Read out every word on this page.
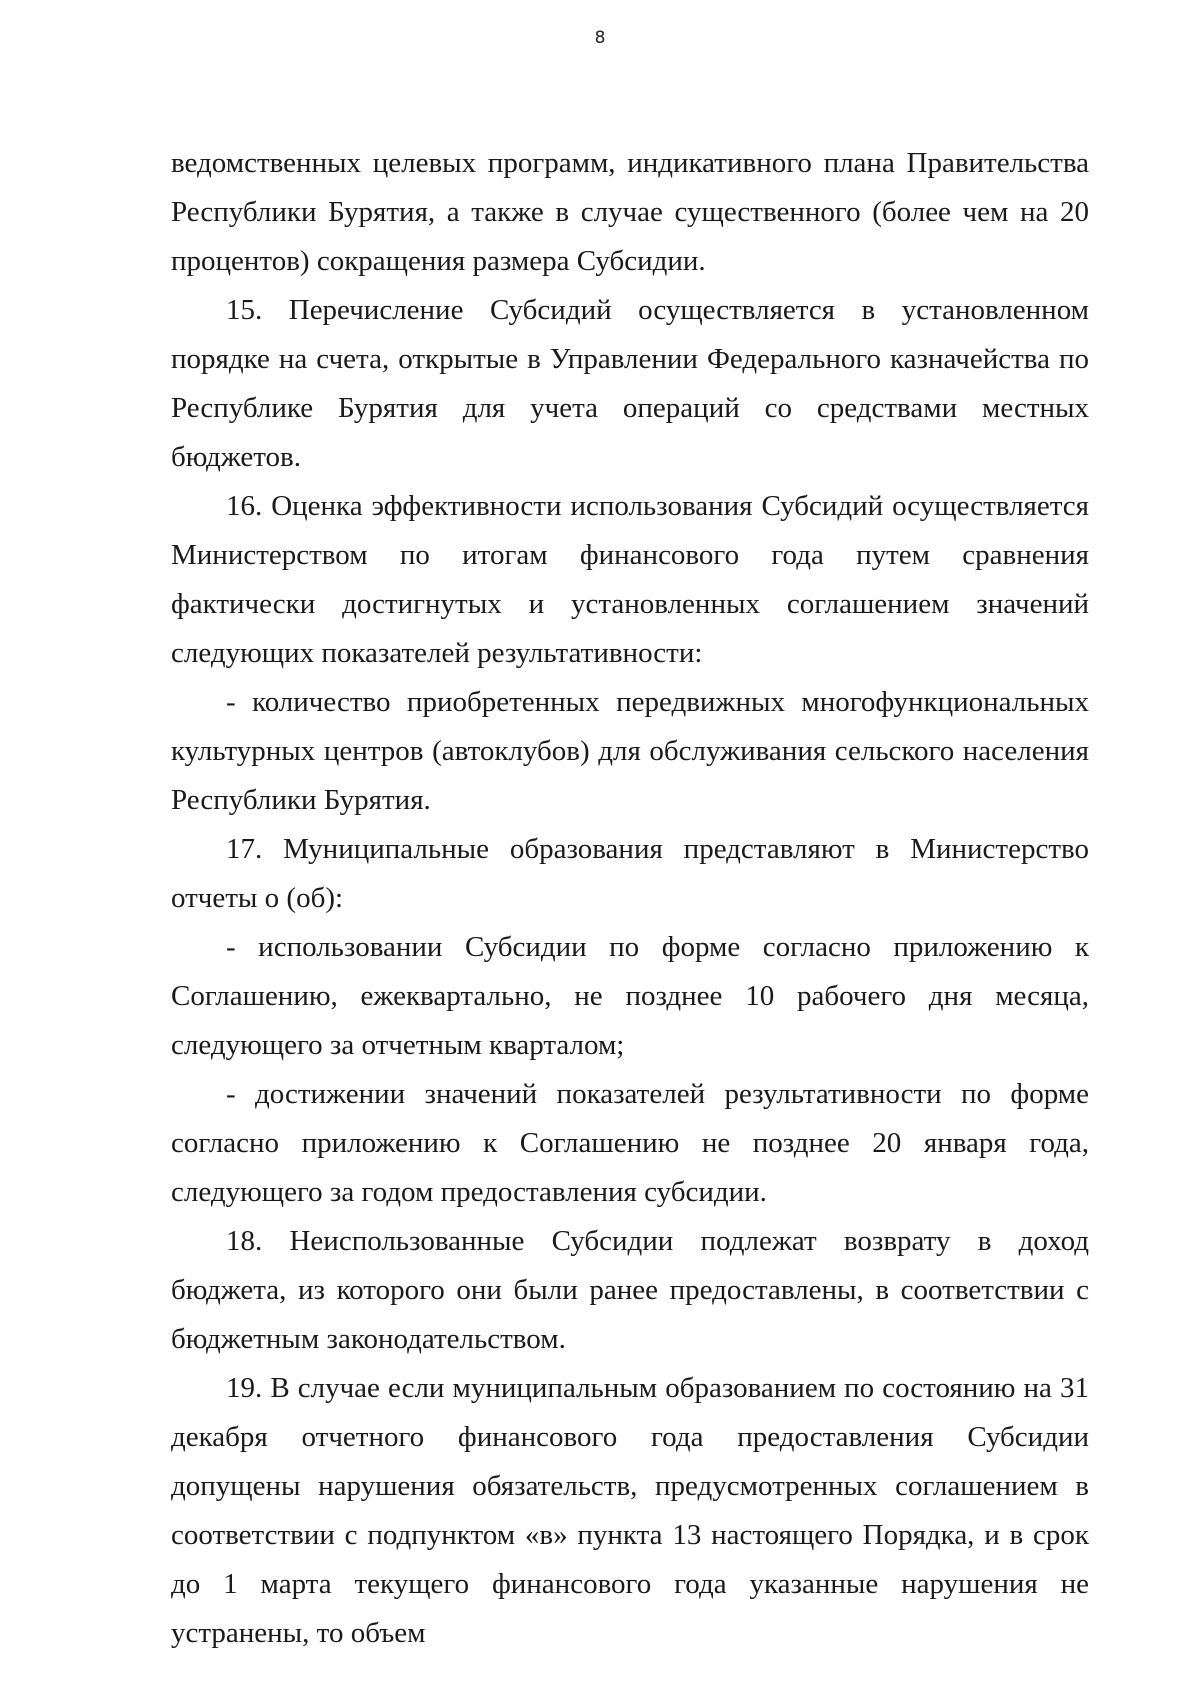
8

ведомственных целевых программ, индикативного плана Правительства Республики Бурятия, а также в случае существенного (более чем на 20 процентов) сокращения размера Субсидии.

15. Перечисление Субсидий осуществляется в установленном порядке на счета, открытые в Управлении Федерального казначейства по Республике Бурятия для учета операций со средствами местных бюджетов.

16. Оценка эффективности использования Субсидий осуществляется Министерством по итогам финансового года путем сравнения фактически достигнутых и установленных соглашением значений следующих показателей результативности:

- количество приобретенных передвижных многофункциональных культурных центров (автоклубов) для обслуживания сельского населения Республики Бурятия.

17. Муниципальные образования представляют в Министерство отчеты о (об):

- использовании Субсидии по форме согласно приложению к Соглашению, ежеквартально, не позднее 10 рабочего дня месяца, следующего за отчетным кварталом;

- достижении значений показателей результативности по форме согласно приложению к Соглашению не позднее 20 января года, следующего за годом предоставления субсидии.

18. Неиспользованные Субсидии подлежат возврату в доход бюджета, из которого они были ранее предоставлены, в соответствии с бюджетным законодательством.

19. В случае если муниципальным образованием по состоянию на 31 декабря отчетного финансового года предоставления Субсидии допущены нарушения обязательств, предусмотренных соглашением в соответствии с подпунктом «в» пункта 13 настоящего Порядка, и в срок до 1 марта текущего финансового года указанные нарушения не устранены, то объем
